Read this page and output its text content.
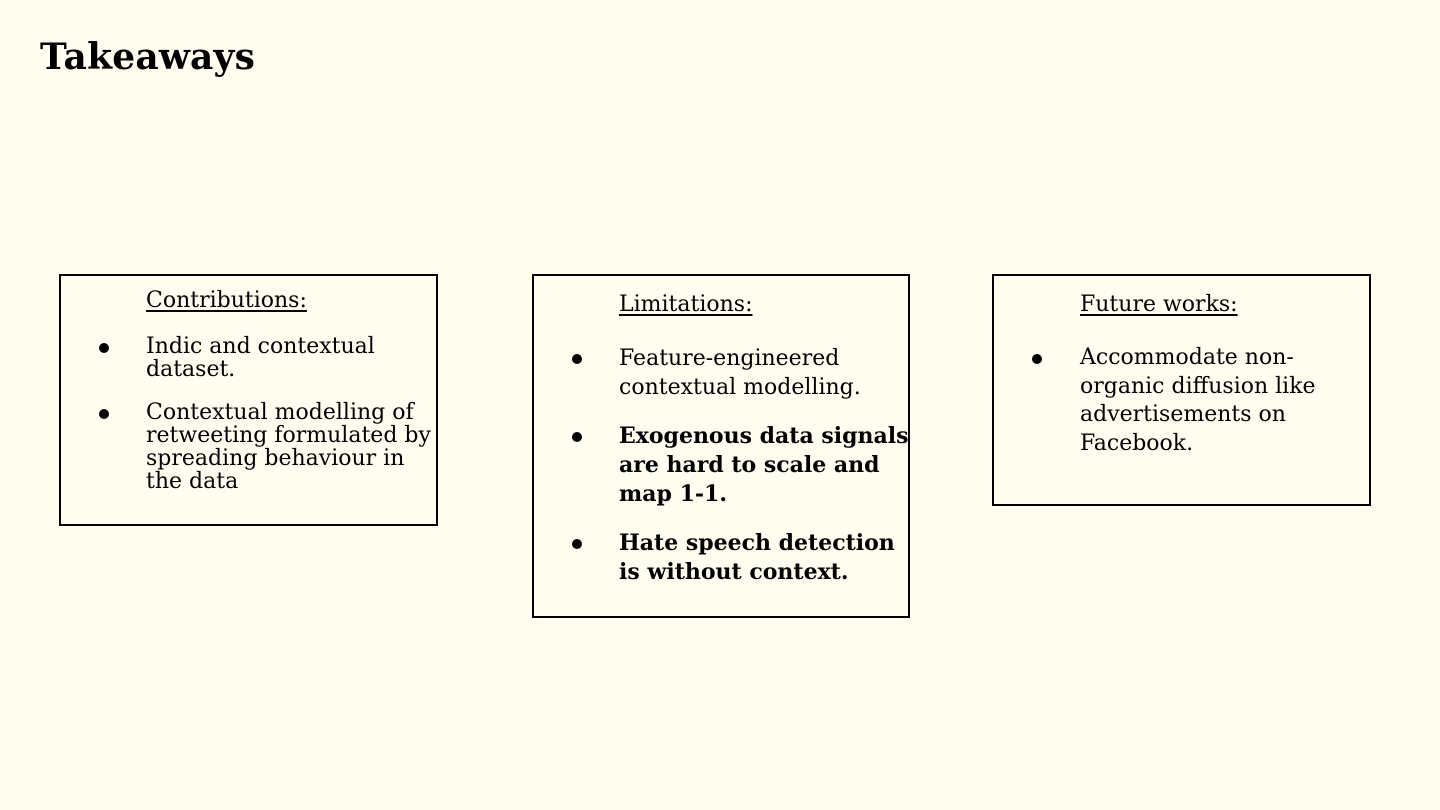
Takeaways
Contributions:
Indic and contextual dataset.
Contextual modelling of retweeting formulated by spreading behaviour in the data
Limitations:
Feature-engineered contextual modelling.
Exogenous data signals are hard to scale and map 1-1.
Hate speech detection is without context.
Future works:
Accommodate non-organic diffusion like advertisements on Facebook.
